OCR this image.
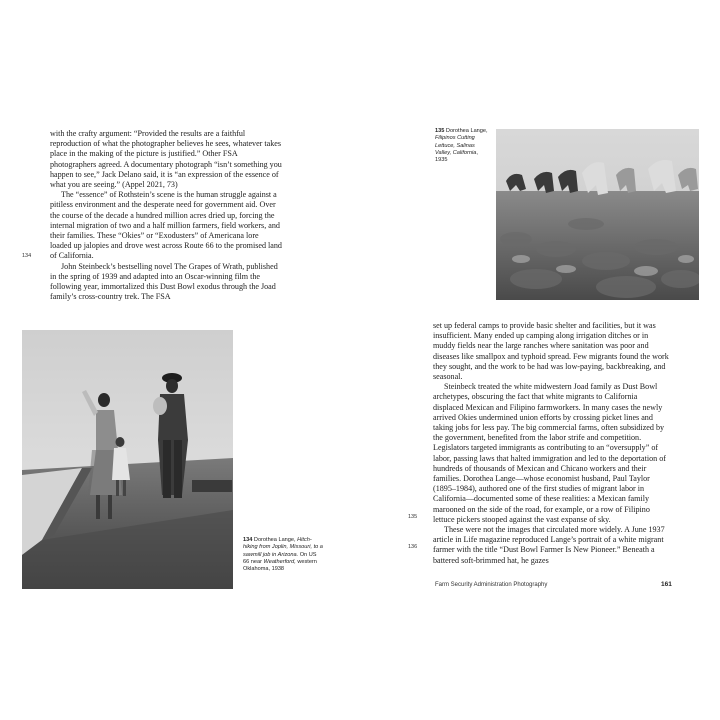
with the crafty argument: “Provided the results are a faithful reproduction of what the photographer believes he sees, whatever takes place in the making of the picture is justified.” Other FSA photographers agreed. A documentary photograph “isn’t something you happen to see,” Jack Delano said, it is “an expression of the essence of what you are seeing.” (Appel 2021, 73)

The “essence” of Rothstein’s scene is the human struggle against a pitiless environment and the desperate need for government aid. Over the course of the decade a hundred million acres dried up, forcing the internal migration of two and a half million farmers, field workers, and their families. These “Okies” or “Exodusters” of Americana lore loaded up jalopies and drove west across Route 66 to the promised land of California.

John Steinbeck’s bestselling novel The Grapes of Wrath, published in the spring of 1939 and adapted into an Oscar-winning film the following year, immortalized this Dust Bowl exodus through the Joad family’s cross-country trek. The FSA

134
134 Dorothea Lange, Hitch-hiking from Joplin, Missouri, to a sawmill job in Arizona. On US 66 near Weatherford, western Oklahoma, 1938
135 Dorothea Lange, Filipinos Cutting Lettuce, Salinas Valley, California, 1935

set up federal camps to provide basic shelter and facilities, but it was insufficient. Many ended up camping along irrigation ditches or in muddy fields near the large ranches where sanitation was poor and diseases like smallpox and typhoid spread. Few migrants found the work they sought, and the work to be had was low-paying, backbreaking, and seasonal.

Steinbeck treated the white midwestern Joad family as Dust Bowl archetypes, obscuring the fact that white migrants to California displaced Mexican and Filipino farmworkers. In many cases the newly arrived Okies undermined union efforts by crossing picket lines and taking jobs for less pay. The big commercial farms, often subsidized by the government, benefited from the labor strife and competition. Legislators targeted immigrants as contributing to an “oversupply” of labor, passing laws that halted immigration and led to the deportation of hundreds of thousands of Mexican and Chicano workers and their families. Dorothea Lange—whose economist husband, Paul Taylor (1895–1984), authored one of the first studies of migrant labor in California—documented some of these realities: a Mexican family marooned on the side of the road, for example, or a row of Filipino lettuce pickers stooped against the vast expanse of sky.

These were not the images that circulated more widely. A June 1937 article in Life magazine reproduced Lange’s portrait of a white migrant farmer with the title “Dust Bowl Farmer Is New Pioneer.” Beneath a battered soft-brimmed hat, he gazes

135
136
Farm Security Administration Photography	161
